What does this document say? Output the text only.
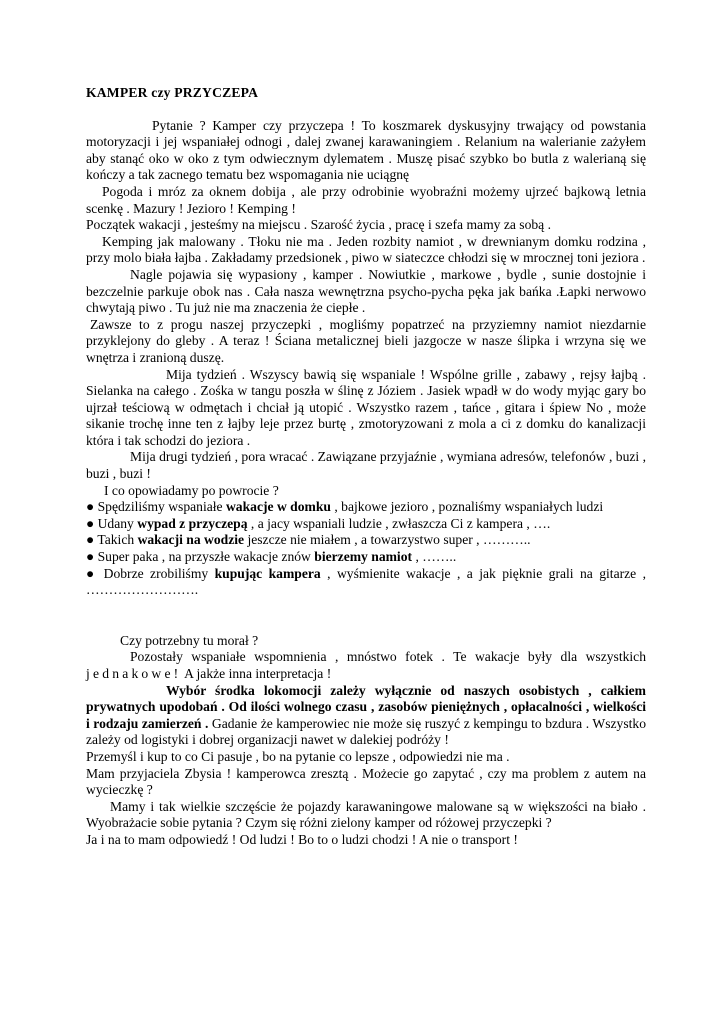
KAMPER czy PRZYCZEPA

Pytanie ? Kamper czy przyczepa ! To koszmarek dyskusyjny trwający od powstania motoryzacji i jej wspaniałej odnogi , dalej zwanej karawaningiem . Relanium na walerianie zażyłem aby stanąć oko w oko z tym odwiecznym dylematem . Muszę pisać szybko bo butla z walerianą się kończy a tak zacnego tematu bez wspomagania nie uciągnę

Pogoda i mróz za oknem dobija , ale przy odrobinie wyobraźni możemy ujrzeć bajkową letnia scenkę . Mazury ! Jezioro ! Kemping !

Początek wakacji , jesteśmy na miejscu . Szarość życia , pracę i szefa mamy za sobą .

Kemping jak malowany . Tłoku nie ma . Jeden rozbity namiot , w drewnianym domku rodzina , przy molo biała łajba . Zakładamy przedsionek , piwo w siateczce chłodzi się w mrocznej toni jeziora .

Nagle pojawia się wypasiony , kamper . Nowiutkie , markowe , bydle , sunie dostojnie i bezczelnie parkuje obok nas . Cała nasza wewnętrzna psycho-pycha pęka jak bańka .Łapki nerwowo chwytają piwo . Tu już nie ma znaczenia że ciepłe .

Zawsze to z progu naszej przyczepki , mogliśmy popatrzeć na przyziemny namiot niezdarnie przyklejony do gleby . A teraz ! Ściana metalicznej bieli jazgocze w nasze ślipka i wrzyna się we wnętrza i zranioną duszę.

Mija tydzień . Wszyscy bawią się wspaniale ! Wspólne grille , zabawy , rejsy łajbą . Sielanka na całego . Zośka w tangu poszła w ślinę z Józiem . Jasiek wpadł w do wody myjąc gary bo ujrzał teściową w odmętach i chciał ją utopić . Wszystko razem , tańce , gitara i śpiew No , może sikanie trochę inne ten z łajby leje przez burtę , zmotoryzowani z mola a ci z domku do kanalizacji która i tak schodzi do jeziora .

Mija drugi tydzień , pora wracać . Zawiązane przyjaźnie , wymiana adresów, telefonów , buzi , buzi , buzi !

I co opowiadamy po powrocie ?

● Spędziliśmy wspaniałe wakacje w domku , bajkowe jezioro , poznaliśmy wspaniałych ludzi

● Udany wypad z przyczepą , a jacy wspaniali ludzie , zwłaszcza Ci z kampera , ….

● Takich wakacji na wodzie jeszcze nie miałem , a towarzystwo super , ………..

● Super paka , na przyszłe wakacje znów bierzemy namiot , ……..

● Dobrze zrobiliśmy kupując kampera , wyśmienite wakacje , a jak pięknie grali na gitarze , …………………….

Czy potrzebny tu morał ?

Pozostały wspaniałe wspomnienia , mnóstwo fotek . Te wakacje były dla wszystkich jednakowe! A jakże inna interpretacja !

Wybór środka lokomocji zależy wyłącznie od naszych osobistych , całkiem prywatnych upodobań . Od ilości wolnego czasu , zasobów pieniężnych , opłacalności , wielkości i rodzaju zamierzeń . Gadanie że kamperowiec nie może się ruszyć z kempingu to bzdura . Wszystko zależy od logistyki i dobrej organizacji nawet w dalekiej podróży !

Przemyśl i kup to co Ci pasuje , bo na pytanie co lepsze , odpowiedzi nie ma .

Mam przyjaciela Zbysia ! kamperowca zresztą . Możecie go zapytać , czy ma problem z autem na wycieczkę ?

Mamy i tak wielkie szczęście że pojazdy karawaningowe malowane są w większości na biało . Wyobrażacie sobie pytania ? Czym się różni zielony kamper od różowej przyczepki ?

Ja i na to mam odpowiedź ! Od ludzi ! Bo to o ludzi chodzi ! A nie o transport !
